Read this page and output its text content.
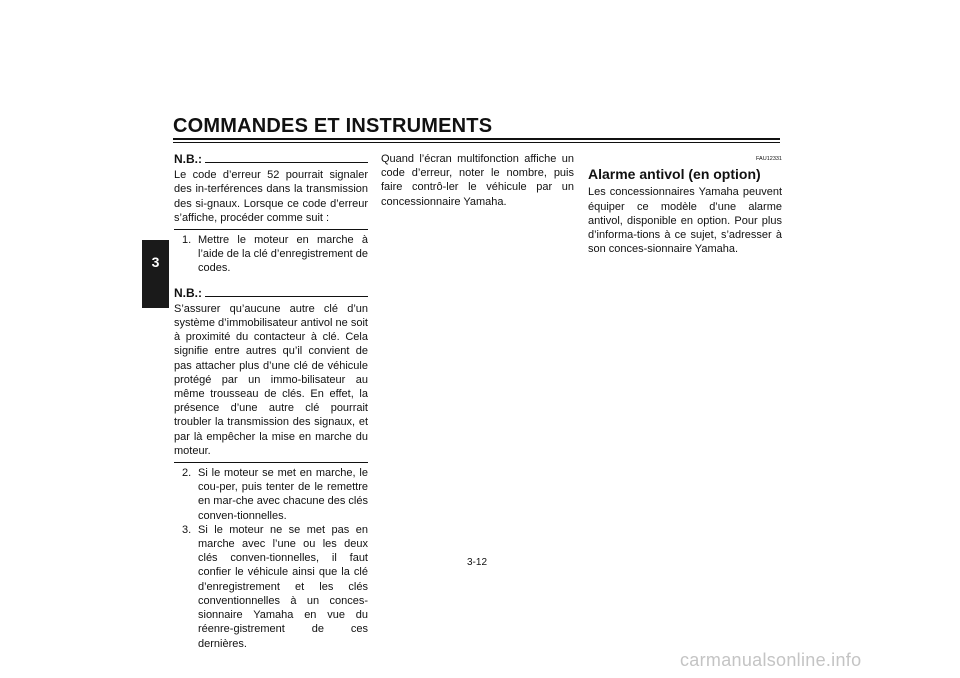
COMMANDES ET INSTRUMENTS
3
N.B.:

Le code d’erreur 52 pourrait signaler des in-terférences dans la transmission des si-gnaux. Lorsque ce code d’erreur s’affiche, procéder comme suit :

1. Mettre le moteur en marche à l’aide de la clé d’enregistrement de codes.
N.B.:

S’assurer qu’aucune autre clé d’un système d’immobilisateur antivol ne soit à proximité du contacteur à clé. Cela signifie entre autres qu’il convient de pas attacher plus d’une clé de véhicule protégé par un immo-bilisateur au même trousseau de clés. En effet, la présence d’une autre clé pourrait troubler la transmission des signaux, et par là empêcher la mise en marche du moteur.

2. Si le moteur se met en marche, le cou-per, puis tenter de le remettre en mar-che avec chacune des clés conven-tionnelles.
3. Si le moteur ne se met pas en marche avec l’une ou les deux clés conven-tionnelles, il faut confier le véhicule ainsi que la clé d’enregistrement et les clés conventionnelles à un conces-sionnaire Yamaha en vue du réenre-gistrement de ces dernières.

Quand l’écran multifonction affiche un code d’erreur, noter le nombre, puis faire contrô-ler le véhicule par un concessionnaire Yamaha.

FAU12331
Alarme antivol (en option)

Les concessionnaires Yamaha peuvent équiper ce modèle d’une alarme antivol, disponible en option. Pour plus d’informa-tions à ce sujet, s’adresser à son conces-sionnaire Yamaha.

3-12
carmanualsonline.info
